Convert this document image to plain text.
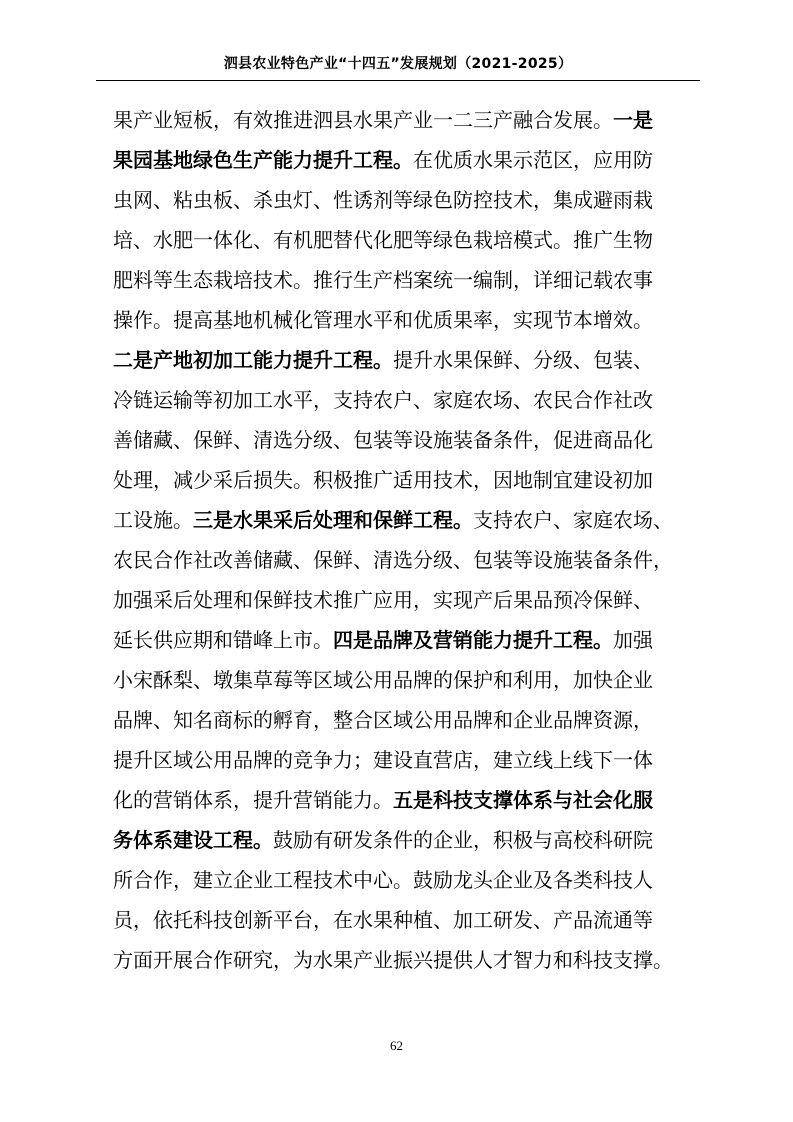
泗县农业特色产业“十四五”发展规划（2021-2025）
果产业短板，有效推进泗县水果产业一二三产融合发展。一是
果园基地绿色生产能力提升工程。在优质水果示范区，应用防
虫网、粘虫板、杀虫灯、性诱剂等绿色防控技术，集成避雨栽
培、水肥一体化、有机肥替代化肥等绿色栽培模式。推广生物
肥料等生态栽培技术。推行生产档案统一编制，详细记载农事
操作。提高基地机械化管理水平和优质果率，实现节本增效。
二是产地初加工能力提升工程。提升水果保鲜、分级、包装、
冷链运输等初加工水平，支持农户、家庭农场、农民合作社改
善储藏、保鲜、清选分级、包装等设施装备条件，促进商品化
处理，减少采后损失。积极推广适用技术，因地制宜建设初加
工设施。三是水果采后处理和保鲜工程。支持农户、家庭农场、
农民合作社改善储藏、保鲜、清选分级、包装等设施装备条件，
加强采后处理和保鲜技术推广应用，实现产后果品预冷保鲜、
延长供应期和错峰上市。四是品牌及营销能力提升工程。加强
小宋酥梨、墩集草莓等区域公用品牌的保护和利用，加快企业
品牌、知名商标的孵育，整合区域公用品牌和企业品牌资源，
提升区域公用品牌的竞争力；建设直营店，建立线上线下一体
化的营销体系，提升营销能力。五是科技支撑体系与社会化服
务体系建设工程。鼓励有研发条件的企业，积极与高校科研院
所合作，建立企业工程技术中心。鼓励龙头企业及各类科技人
员，依托科技创新平台，在水果种植、加工研发、产品流通等
方面开展合作研究，为水果产业振兴提供人才智力和科技支撑。
62
